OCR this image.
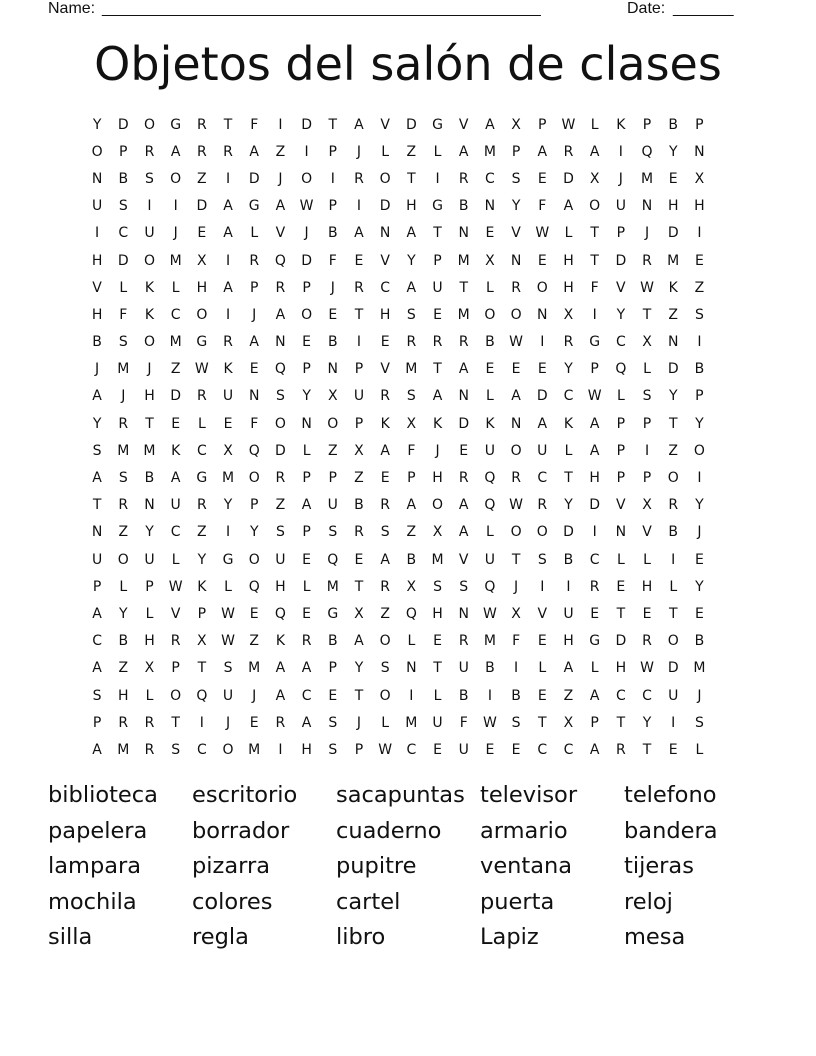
Name: ___________________________________________________	Date: _______
Objetos del salón de clases
Y	D	O	G	R	T	F	I	D	T	A	V	D	G	V	A	X	P	W	L	K	P	B	P
O	P	R	A	R	R	A	Z	I	P	J	L	Z	L	A	M	P	A	R	A	I	Q	Y	N
N	B	S	O	Z	I	D	J	O	I	R	O	T	I	R	C	S	E	D	X	J	M	E	X
U	S	I	I	D	A	G	A	W	P	I	D	H	G	B	N	Y	F	A	O	U	N	H	H
I	C	U	J	E	A	L	V	J	B	A	N	A	T	N	E	V	W	L	T	P	J	D	I
H	D	O	M	X	I	R	Q	D	F	E	V	Y	P	M	X	N	E	H	T	D	R	M	E
V	L	K	L	H	A	P	R	P	J	R	C	A	U	T	L	R	O	H	F	V	W	K	Z
H	F	K	C	O	I	J	A	O	E	T	H	S	E	M	O	O	N	X	I	Y	T	Z	S
B	S	O	M	G	R	A	N	E	B	I	E	R	R	R	B	W	I	R	G	C	X	N	I
J	M	J	Z	W	K	E	Q	P	N	P	V	M	T	A	E	E	E	Y	P	Q	L	D	B
A	J	H	D	R	U	N	S	Y	X	U	R	S	A	N	L	A	D	C	W	L	S	Y	P
Y	R	T	E	L	E	F	O	N	O	P	K	X	K	D	K	N	A	K	A	P	P	T	Y
S	M	M	K	C	X	Q	D	L	Z	X	A	F	J	E	U	O	U	L	A	P	I	Z	O
A	S	B	A	G	M	O	R	P	P	Z	E	P	H	R	Q	R	C	T	H	P	P	O	I
T	R	N	U	R	Y	P	Z	A	U	B	R	A	O	A	Q W	R	Y	D	V	X	R	Y
N	Z	Y	C	Z	I	Y	S	P	S	R	S	Z	X	A	L	O	O	D	I	N	V	B	J
U	O	U	L	Y	G	O	U	E	Q	E	A	B	M	V	U	T	S	B	C	L	L	I	E
P	L	P	W	K	L	Q	H	L	M	T	R	X	S	S	Q	J	I	I	R	E	H	L	Y
A	Y	L	V	P	W	E	Q	E	G	X	Z	Q	H	N	W	X	V	U	E	T	E	T	E
C	B	H	R	X	W	Z	K	R	B	A	O	L	E	R	M	F	E	H	G	D	R	O	B
A	Z	X	P	T	S	M	A	A	P	Y	S	N	T	U	B	I	L	A	L	H	W D	M
S	H	L	O	Q	U	J	A	C	E	T	O	I	L	B	I	B	E	Z	A	C	C	U	J
P	R	R	T	I	J	E	R	A	S	J	L	M	U	F	W	S	T	X	P	T	Y	I	S
A	M	R	S	C	O	M	I	H	S	P	W	C	E	U	E	E	C	C	A	R	T	E	L
biblioteca	escritorio	sacapuntas televisor	telefono
papelera	borrador	cuaderno	armario	bandera
lampara	pizarra	pupitre	ventana	tijeras
mochila	colores	cartel	puerta	reloj
silla	regla	libro	Lapiz	mesa
